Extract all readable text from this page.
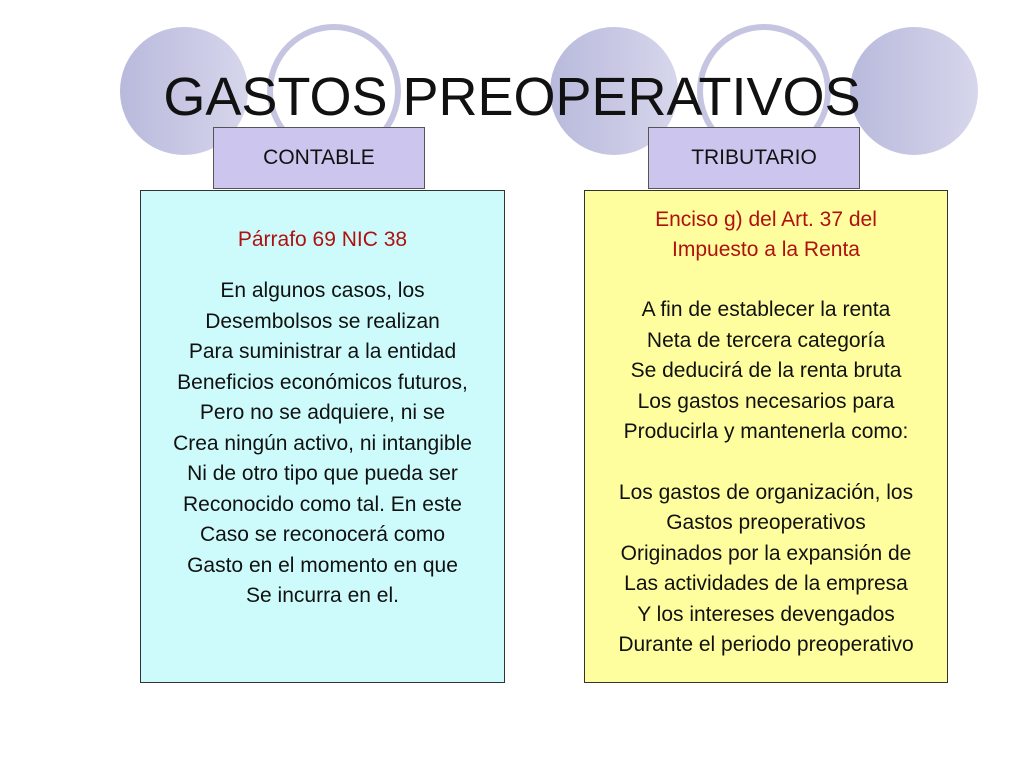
GASTOS PREOPERATIVOS
CONTABLE	TRIBUTARIO
Párrafo 69 NIC 38
En algunos casos, los
Desembolsos se realizan
Para suministrar a la entidad
Beneficios económicos futuros,
Pero no se adquiere, ni se
Crea ningún activo, ni intangible
Ni de otro tipo que pueda ser
Reconocido como tal. En este
Caso se reconocerá como
Gasto en el momento en que
Se incurra en el.
Enciso g) del Art. 37 del
Impuesto a la Renta
A fin de establecer la renta
Neta de tercera categoría
Se deducirá de la renta bruta
Los gastos necesarios para
Producirla y mantenerla como:
Los gastos de organización, los
Gastos preoperativos
Originados por la expansión de
Las actividades de la empresa
Y los intereses devengados
Durante el periodo preoperativo
